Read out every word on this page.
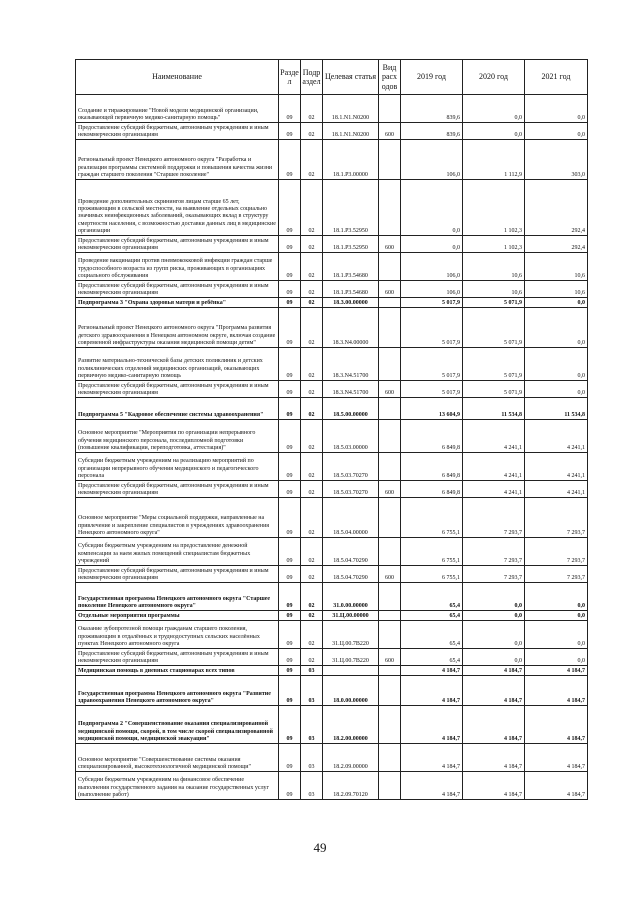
Наименование	Разде л	Подр аздел	Целевая статья	Вид расх одов	2019 год	2020 год	2021 год
Создание и тиражирование "Новой модели медицинской организации, оказывающей первичную медико-санитарную помощь"	09	02	18.1.N1.N0200		839,6	0,0	0,0
Предоставление субсидий бюджетным, автономным учреждениям и иным некоммерческим организациям	09	02	18.1.N1.N0200	600	839,6	0,0	0,0
Региональный проект Ненецкого автономного округа "Разработка и реализация программы системной поддержки и повышения качества жизни граждан старшего поколения "Старшее поколение"	09	02	18.1.P3.00000		106,0	1 112,9	303,0
Проведение дополнительных скринингов лицам старше 65 лет, проживающим в сельской местности, на выявление отдельных социально значимых неинфекционных заболеваний, оказывающих вклад в структуру смертности населения, с возможностью доставки данных лиц в медицинские организации	09	02	18.1.P3.52950		0,0	1 102,3	292,4
Предоставление субсидий бюджетным, автономным учреждениям и иным некоммерческим организациям	09	02	18.1.P3.52950	600	0,0	1 102,3	292,4
Проведение вакцинации против пневмококковой инфекции граждан старше трудоспособного возраста из групп риска, проживающих в организациях социального обслуживания	09	02	18.1.P3.54680		106,0	10,6	10,6
Предоставление субсидий бюджетным, автономным учреждениям и иным некоммерческим организациям	09	02	18.1.P3.54680	600	106,0	10,6	10,6
Подпрограмма 3 "Охрана здоровья матери и ребёнка"	09	02	18.3.00.00000		5 017,9	5 071,9	0,0
Региональный проект Ненецкого автономного округа "Программа развития детского здравоохранения в Ненецком автономном округе, включая создание современной инфраструктуры оказания медицинской помощи детям"	09	02	18.3.N4.00000		5 017,9	5 071,9	0,0
Развитие материально-технической базы детских поликлиник и детских поликлинических отделений медицинских организаций, оказывающих первичную медико-санитарную помощь	09	02	18.3.N4.51700		5 017,9	5 071,9	0,0
Предоставление субсидий бюджетным, автономным учреждениям и иным некоммерческим организациям	09	02	18.3.N4.51700	600	5 017,9	5 071,9	0,0
Подпрограмма 5 "Кадровое обеспечение системы здравоохранения"	09	02	18.5.00.00000		13 604,9	11 534,8	11 534,8
Основное мероприятие "Мероприятия по организации непрерывного обучения медицинского персонала, последипломной подготовки (повышение квалификации, переподготовка, аттестация)"	09	02	18.5.03.00000		6 849,8	4 241,1	4 241,1
Субсидии бюджетным учреждениям на реализацию мероприятий по организации непрерывного обучения медицинского и педагогического персонала	09	02	18.5.03.70270		6 849,8	4 241,1	4 241,1
Предоставление субсидий бюджетным, автономным учреждениям и иным некоммерческим организациям	09	02	18.5.03.70270	600	6 849,8	4 241,1	4 241,1
Основное мероприятие "Меры социальной поддержки, направленные на привлечение и закрепление специалистов в учреждениях здравоохранения Ненецкого автономного округа"	09	02	18.5.04.00000		6 755,1	7 293,7	7 293,7
Субсидии бюджетным учреждениям на предоставление денежной компенсации за наем жилых помещений специалистам бюджетных учреждений	09	02	18.5.04.70290		6 755,1	7 293,7	7 293,7
Предоставление субсидий бюджетным, автономным учреждениям и иным некоммерческим организациям	09	02	18.5.04.70290	600	6 755,1	7 293,7	7 293,7
Государственная программа Ненецкого автономного округа "Старшее поколение Ненецкого автономного округа"	09	02	31.0.00.00000		65,4	0,0	0,0
Отдельные мероприятия программы	09	02	31.Ц.00.00000		65,4	0,0	0,0
Оказание зубопротезной помощи гражданам старшего поколения, проживающим в отдалённых и труднодоступных сельских населённых пунктах Ненецкого автономного округа	09	02	31.Ц.00.7В220		65,4	0,0	0,0
Предоставление субсидий бюджетным, автономным учреждениям и иным некоммерческим организациям	09	02	31.Ц.00.7В220	600	65,4	0,0	0,0
Медицинская помощь в дневных стационарах всех типов	09	03			4 184,7	4 184,7	4 184,7
Государственная программа Ненецкого автономного округа "Развитие здравоохранения Ненецкого автономного округа"	09	03	18.0.00.00000		4 184,7	4 184,7	4 184,7
Подпрограмма 2 "Совершенствование оказания специализированной медицинской помощи, скорой, в том числе скорой специализированной медицинской помощи, медицинской эвакуации"	09	03	18.2.00.00000		4 184,7	4 184,7	4 184,7
Основное мероприятие "Совершенствование системы оказания специализированной, высокотехнологичной медицинской помощи"	09	03	18.2.09.00000		4 184,7	4 184,7	4 184,7
Субсидии бюджетным учреждениям на финансовое обеспечение выполнения государственного задания на оказание государственных услуг (выполнение работ)	09	03	18.2.09.70120		4 184,7	4 184,7	4 184,7
49
